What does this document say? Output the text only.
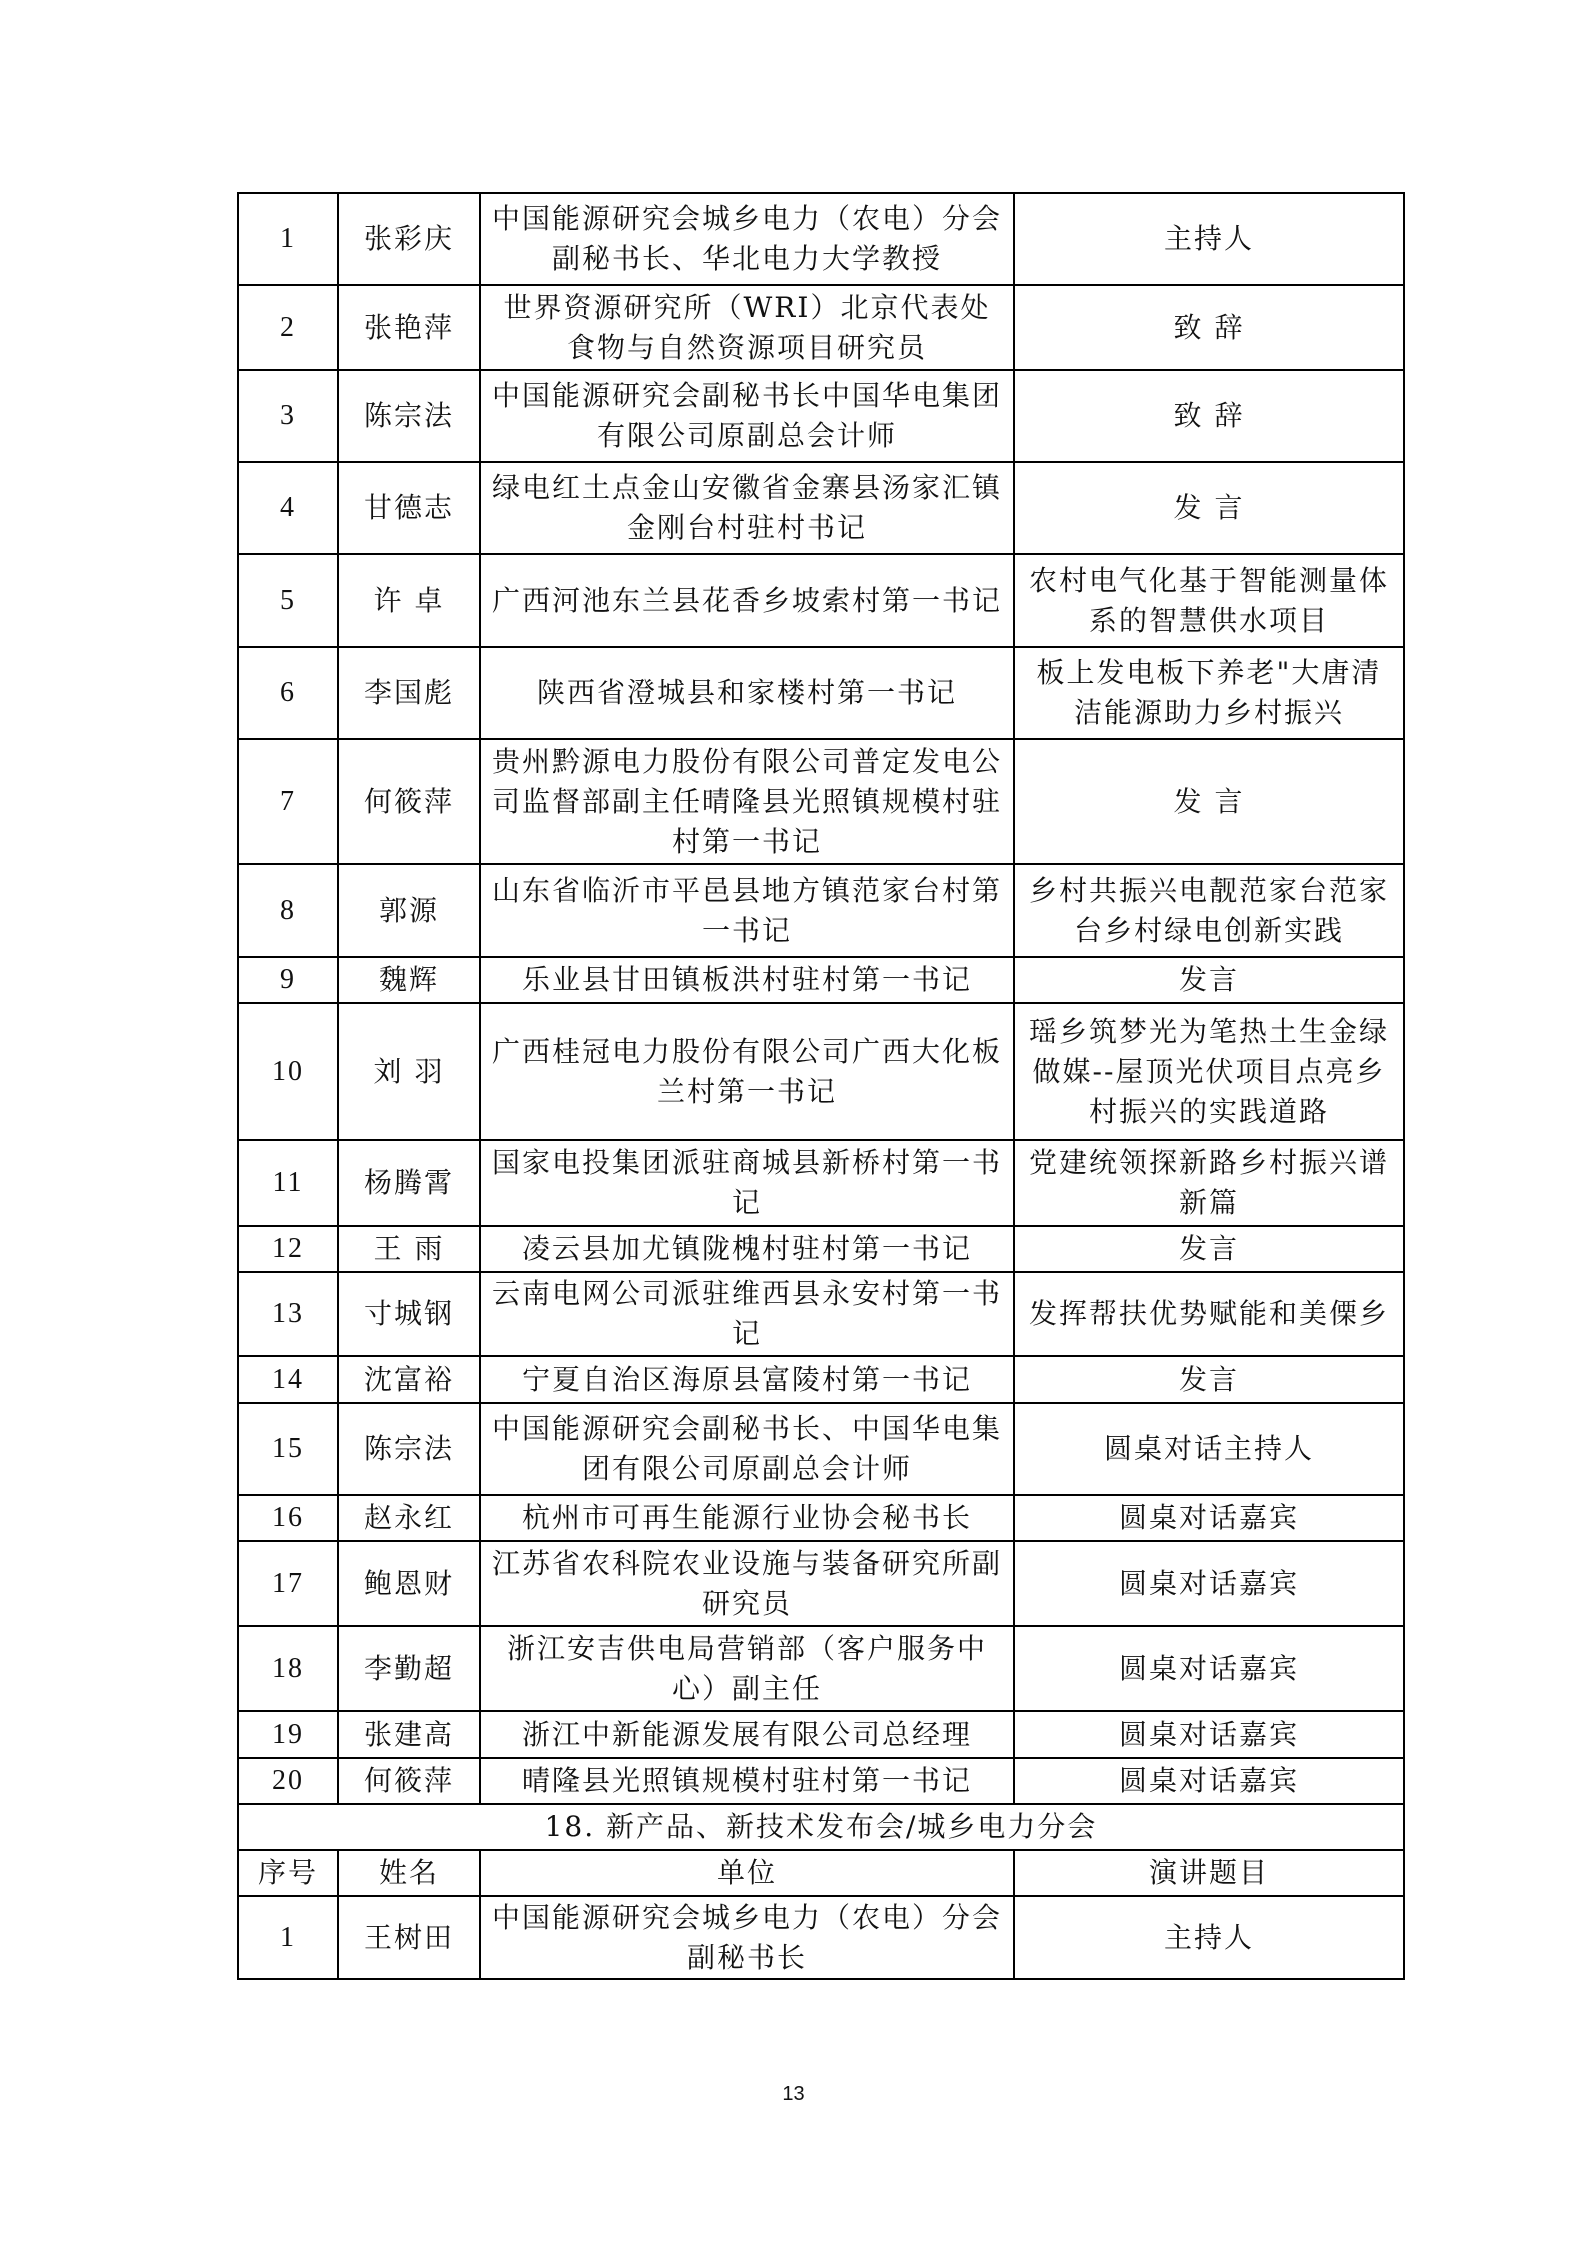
1	张彩庆	中国能源研究会城乡电力（农电）分会副秘书长、华北电力大学教授	主持人
2	张艳萍	世界资源研究所（WRI）北京代表处食物与自然资源项目研究员	致 辞
3	陈宗法	中国能源研究会副秘书长中国华电集团有限公司原副总会计师	致 辞
4	甘德志	绿电红土点金山安徽省金寨县汤家汇镇金刚台村驻村书记	发 言
5	许 卓	广西河池东兰县花香乡坡索村第一书记	农村电气化基于智能测量体系的智慧供水项目
6	李国彪	陕西省澄城县和家楼村第一书记	板上发电板下养老"大唐清洁能源助力乡村振兴
7	何筱萍	贵州黔源电力股份有限公司普定发电公司监督部副主任晴隆县光照镇规模村驻村第一书记	发 言
8	郭源	山东省临沂市平邑县地方镇范家台村第一书记	乡村共振兴电靓范家台范家台乡村绿电创新实践
9	魏辉	乐业县甘田镇板洪村驻村第一书记	发言
10	刘 羽	广西桂冠电力股份有限公司广西大化板兰村第一书记	瑶乡筑梦光为笔热土生金绿做媒--屋顶光伏项目点亮乡村振兴的实践道路
11	杨腾霄	国家电投集团派驻商城县新桥村第一书记	党建统领探新路乡村振兴谱新篇
12	王 雨	凌云县加尤镇陇槐村驻村第一书记	发言
13	寸城钢	云南电网公司派驻维西县永安村第一书记	发挥帮扶优势赋能和美傈乡
14	沈富裕	宁夏自治区海原县富陵村第一书记	发言
15	陈宗法	中国能源研究会副秘书长、中国华电集团有限公司原副总会计师	圆桌对话主持人
16	赵永红	杭州市可再生能源行业协会秘书长	圆桌对话嘉宾
17	鲍恩财	江苏省农科院农业设施与装备研究所副研究员	圆桌对话嘉宾
18	李勤超	浙江安吉供电局营销部（客户服务中心）副主任	圆桌对话嘉宾
19	张建高	浙江中新能源发展有限公司总经理	圆桌对话嘉宾
20	何筱萍	晴隆县光照镇规模村驻村第一书记	圆桌对话嘉宾
18. 新产品、新技术发布会/城乡电力分会			
序号	姓名	单位	演讲题目
1	王树田	中国能源研究会城乡电力（农电）分会副秘书长	主持人
13
